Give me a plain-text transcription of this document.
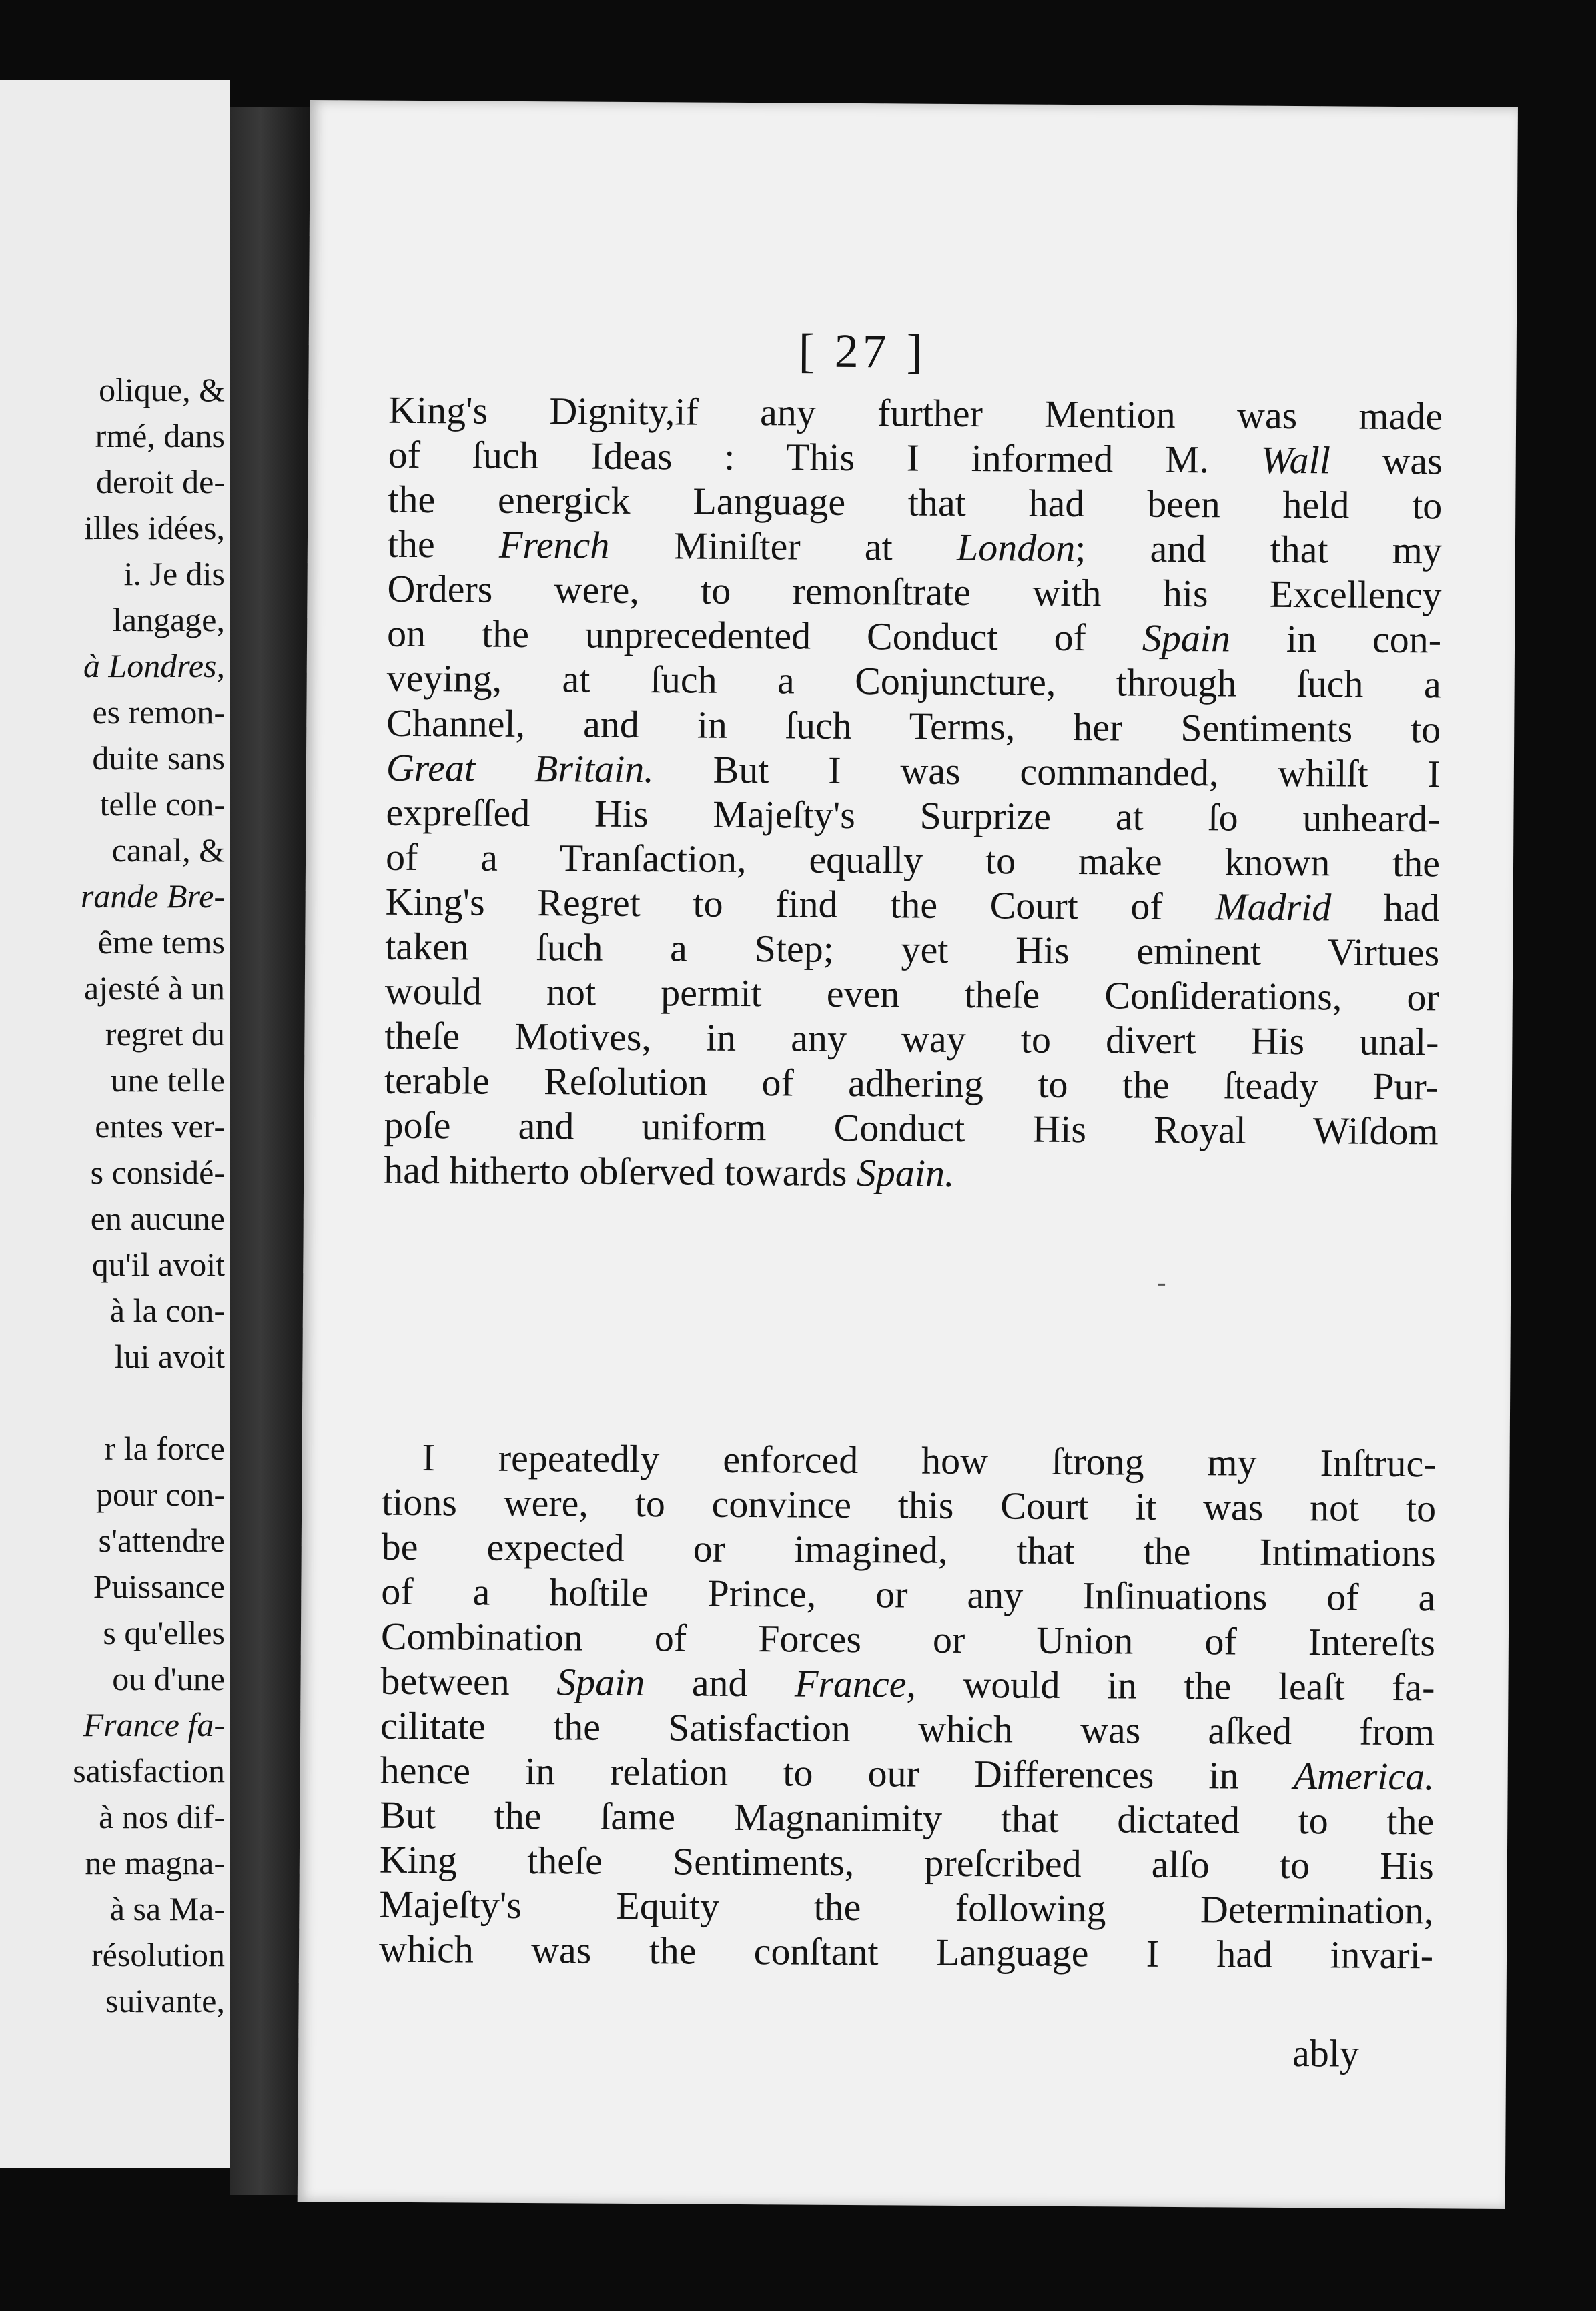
olique, &
rmé, dans
deroit de-
illes idées,
i. Je dis
langage,
à Londres,
es remon-
duite sans
telle con-
canal, &
rande Bre-
ême tems
ajesté à un
regret du
une telle
entes ver-
s considé-
en aucune
qu'il avoit
à la con-
lui avoit
r la force
pour con-
s'attendre
Puissance
s qu'elles
ou d'une
France fa-
satisfaction
à nos dif-
ne magna-
à sa Ma-
résolution
suivante,
[ 27 ]
King's Dignity,if any further Mention was made
of ſuch Ideas : This I informed M. Wall was
the energick Language that had been held to
the French Miniſter at London; and that my
Orders were, to remonſtrate with his Excellency
on the unprecedented Conduct of Spain in con-
veying, at ſuch a Conjuncture, through ſuch a
Channel, and in ſuch Terms, her Sentiments to
Great Britain. But I was commanded, whilſt I
expreſſed His Majeſty's Surprize at ſo unheard-
of a Tranſaction, equally to make known the
King's Regret to find the Court of Madrid had
taken ſuch a Step; yet His eminent Virtues
would not permit even theſe Conſiderations, or
theſe Motives, in any way to divert His unal-
terable Reſolution of adhering to the ſteady Pur-
poſe and uniform Conduct His Royal Wiſdom
had hitherto obſerved towards Spain.
-
I repeatedly enforced how ſtrong my Inſtruc-
tions were, to convince this Court it was not to
be expected or imagined, that the Intimations
of a hoſtile Prince, or any Inſinuations of a
Combination of Forces or Union of Intereſts
between Spain and France, would in the leaſt fa-
cilitate the Satisfaction which was aſked from
hence in relation to our Differences in America.
But the ſame Magnanimity that dictated to the
King theſe Sentiments, preſcribed alſo to His
Majeſty's Equity the following Determination,
which was the conſtant Language I had invari-
ably
